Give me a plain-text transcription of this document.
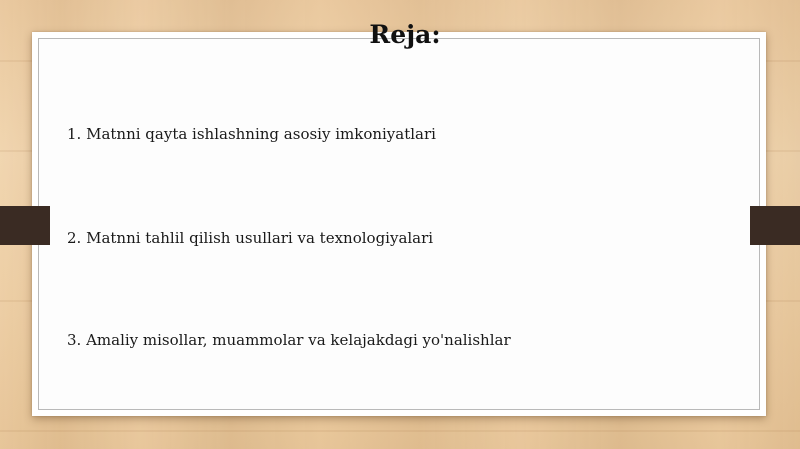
Reja:

1. Matnni qayta ishlashning asosiy imkoniyatlari

2. Matnni tahlil qilish usullari va texnologiyalari

3. Amaliy misollar, muammolar va kelajakdagi yo'nalishlar
